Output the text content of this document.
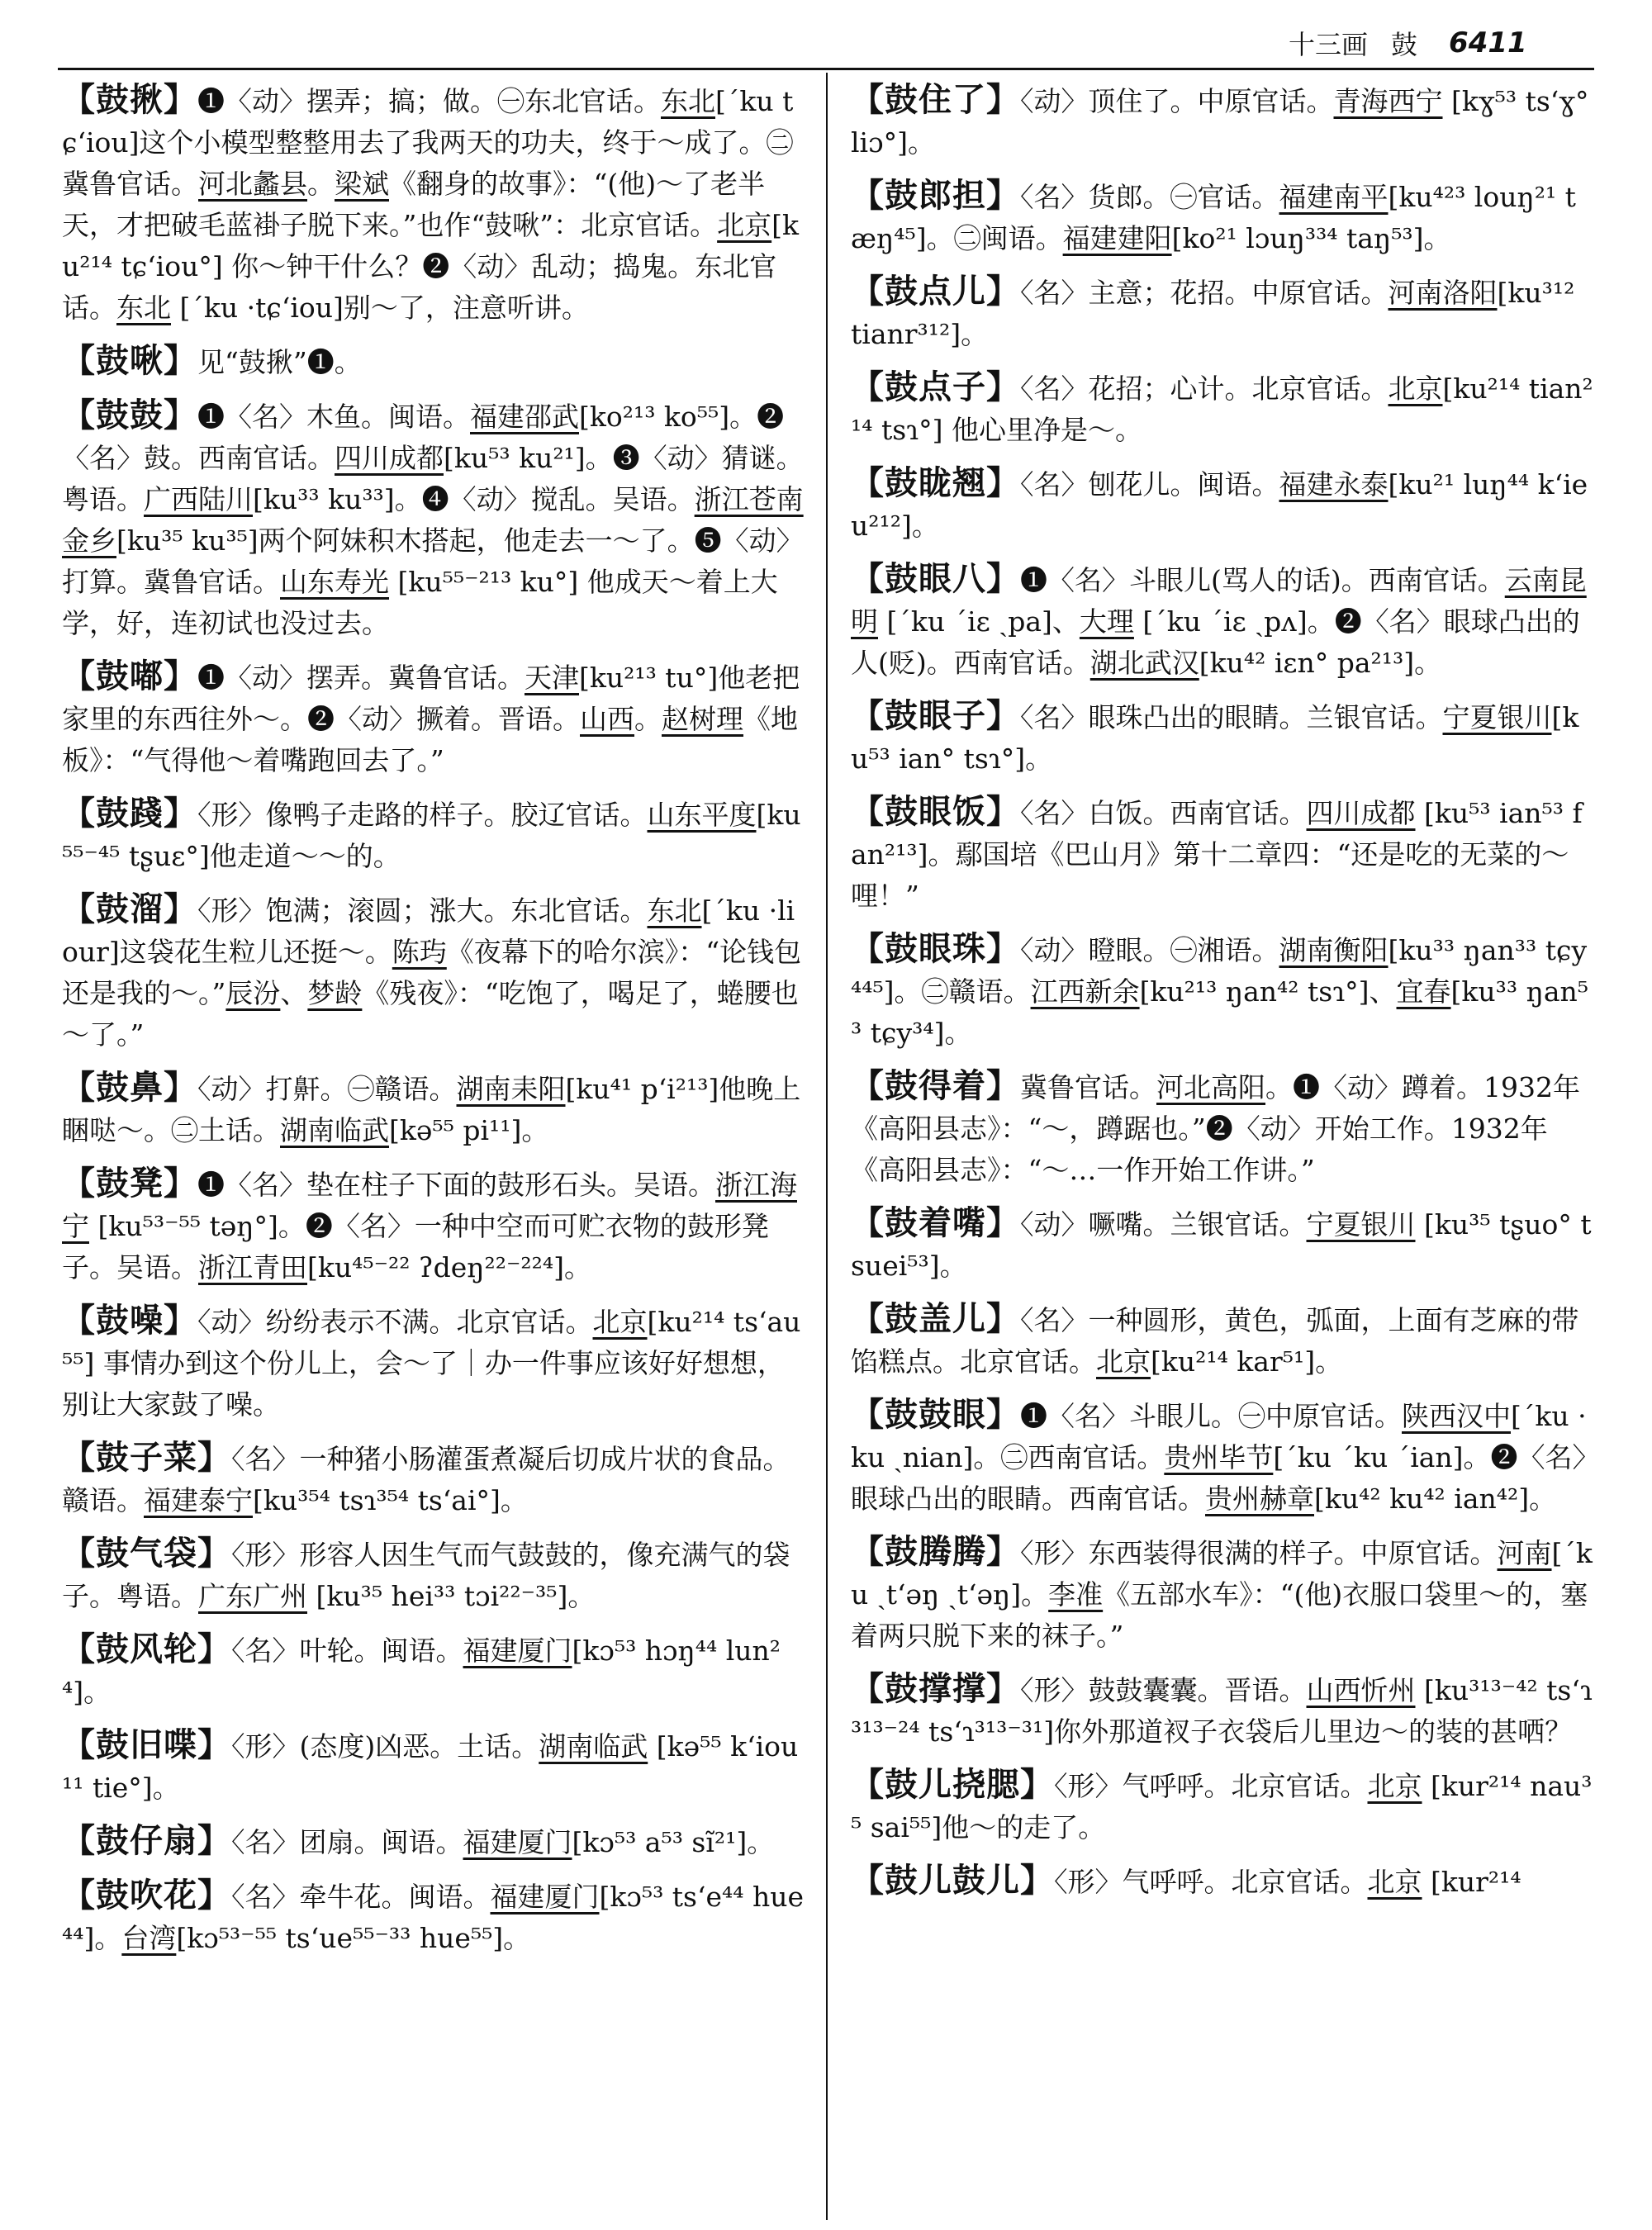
十三画 鼓 6411
【鼓揪】❶〈动〉摆弄；搞；做。㊀东北官话。东北[ˊku tɕʻiou]这个小模型整整用去了我两天的功夫，终于～成了。㊁冀鲁官话。河北蠡县。梁斌《翻身的故事》：“(他)～了老半天，才把破毛蓝褂子脱下来。”也作“鼓啾”：北京官话。北京[ku²¹⁴ tɕʻiou°] 你～钟干什么？❷〈动〉乱动；捣鬼。东北官话。东北 [ˊku ·tɕʻiou]别～了，注意听讲。
【鼓啾】见“鼓揪”❶。
【鼓鼓】❶〈名〉木鱼。闽语。福建邵武[ko²¹³ ko⁵⁵]。❷〈名〉鼓。西南官话。四川成都[ku⁵³ ku²¹]。❸〈动〉猜谜。粤语。广西陆川[ku³³ ku³³]。❹〈动〉搅乱。吴语。浙江苍南金乡[ku³⁵ ku³⁵]两个阿妹积木搭起，他走去一～了。❺〈动〉打算。冀鲁官话。山东寿光 [ku⁵⁵⁻²¹³ ku°] 他成天～着上大学，好，连初试也没过去。
【鼓嘟】❶〈动〉摆弄。冀鲁官话。天津[ku²¹³ tu°]他老把家里的东西往外～。❷〈动〉撅着。晋语。山西。赵树理《地板》：“气得他～着嘴跑回去了。”
【鼓踐】〈形〉像鸭子走路的样子。胶辽官话。山东平度[ku⁵⁵⁻⁴⁵ tʂuɛ°]他走道～～的。
【鼓溜】〈形〉饱满；滚圆；涨大。东北官话。东北[ˊku ·liour]这袋花生粒儿还挺～。陈玙《夜幕下的哈尔滨》：“论钱包还是我的～。”辰汾、梦龄《残夜》：“吃饱了，喝足了，蜷腰也～了。”
【鼓鼻】〈动〉打鼾。㊀赣语。湖南耒阳[ku⁴¹ pʻi²¹³]他晚上睏哒～。㊁土话。湖南临武[kə⁵⁵ pi¹¹]。
【鼓凳】❶〈名〉垫在柱子下面的鼓形石头。吴语。浙江海宁 [ku⁵³⁻⁵⁵ təŋ°]。❷〈名〉一种中空而可贮衣物的鼓形凳子。吴语。浙江青田[ku⁴⁵⁻²² ʔdeŋ²²⁻²²⁴]。
【鼓噪】〈动〉纷纷表示不满。北京官话。北京[ku²¹⁴ tsʻau⁵⁵] 事情办到这个份儿上，会～了｜办一件事应该好好想想，别让大家鼓了噪。
【鼓子菜】〈名〉一种猪小肠灌蛋煮凝后切成片状的食品。赣语。福建泰宁[ku³⁵⁴ tsɿ³⁵⁴ tsʻai°]。
【鼓气袋】〈形〉形容人因生气而气鼓鼓的，像充满气的袋子。粤语。广东广州 [ku³⁵ hei³³ tɔi²²⁻³⁵]。
【鼓风轮】〈名〉叶轮。闽语。福建厦门[kɔ⁵³ hɔŋ⁴⁴ lun²⁴]。
【鼓旧喋】〈形〉(态度)凶恶。土话。湖南临武 [kə⁵⁵ kʻiou¹¹ tie°]。
【鼓仔扇】〈名〉团扇。闽语。福建厦门[kɔ⁵³ a⁵³ sĩ²¹]。
【鼓吹花】〈名〉牵牛花。闽语。福建厦门[kɔ⁵³ tsʻe⁴⁴ hue⁴⁴]。台湾[kɔ⁵³⁻⁵⁵ tsʻue⁵⁵⁻³³ hue⁵⁵]。
【鼓住了】〈动〉顶住了。中原官话。青海西宁 [kɣ⁵³ tsʻɣ° liɔ°]。
【鼓郎担】〈名〉货郎。㊀官话。福建南平[ku⁴²³ louŋ²¹ tæŋ⁴⁵]。㊁闽语。福建建阳[ko²¹ lɔuŋ³³⁴ taŋ⁵³]。
【鼓点儿】〈名〉主意；花招。中原官话。河南洛阳[ku³¹² tianr³¹²]。
【鼓点子】〈名〉花招；心计。北京官话。北京[ku²¹⁴ tian²¹⁴ tsɿ°] 他心里净是～。
【鼓眬翘】〈名〉刨花儿。闽语。福建永泰[ku²¹ luŋ⁴⁴ kʻieu²¹²]。
【鼓眼八】❶〈名〉斗眼儿(骂人的话)。西南官话。云南昆明 [ˊku ˊiɛ ˏpa]、大理 [ˊku ˊiɛ ˏpʌ]。❷〈名〉眼球凸出的人(贬)。西南官话。湖北武汉[ku⁴² iɛn° pa²¹³]。
【鼓眼子】〈名〉眼珠凸出的眼睛。兰银官话。宁夏银川[ku⁵³ ian° tsɿ°]。
【鼓眼饭】〈名〉白饭。西南官话。四川成都 [ku⁵³ ian⁵³ fan²¹³]。鄢国培《巴山月》第十二章四：“还是吃的无菜的～哩！”
【鼓眼珠】〈动〉瞪眼。㊀湘语。湖南衡阳[ku³³ ŋan³³ tɕy⁴⁴⁵]。㊁赣语。江西新余[ku²¹³ ŋan⁴² tsɿ°]、宜春[ku³³ ŋan⁵³ tɕy³⁴]。
【鼓得着】冀鲁官话。河北高阳。❶〈动〉蹲着。1932年《高阳县志》：“～，蹲踞也。”❷〈动〉开始工作。1932年《高阳县志》：“～…一作开始工作讲。”
【鼓着嘴】〈动〉噘嘴。兰银官话。宁夏银川 [ku³⁵ tʂuo° tsuei⁵³]。
【鼓盖儿】〈名〉一种圆形，黄色，弧面，上面有芝麻的带馅糕点。北京官话。北京[ku²¹⁴ kar⁵¹]。
【鼓鼓眼】❶〈名〉斗眼儿。㊀中原官话。陕西汉中[ˊku ·ku ˎnian]。㊁西南官话。贵州毕节[ˊku ˊku ˊian]。❷〈名〉眼球凸出的眼睛。西南官话。贵州赫章[ku⁴² ku⁴² ian⁴²]。
【鼓腾腾】〈形〉东西装得很满的样子。中原官话。河南[ˊku ˎtʻəŋ ˎtʻəŋ]。李准《五部水车》：“(他)衣服口袋里～的，塞着两只脱下来的袜子。”
【鼓撑撑】〈形〉鼓鼓囊囊。晋语。山西忻州 [ku³¹³⁻⁴² tsʻɿ³¹³⁻²⁴ tsʻɿ³¹³⁻³¹]你外那道衩子衣袋后儿里边～的装的甚哂？
【鼓儿挠腮】〈形〉气呼呼。北京官话。北京 [kur²¹⁴ nau³⁵ sai⁵⁵]他～的走了。
【鼓儿鼓儿】〈形〉气呼呼。北京官话。北京 [kur²¹⁴
